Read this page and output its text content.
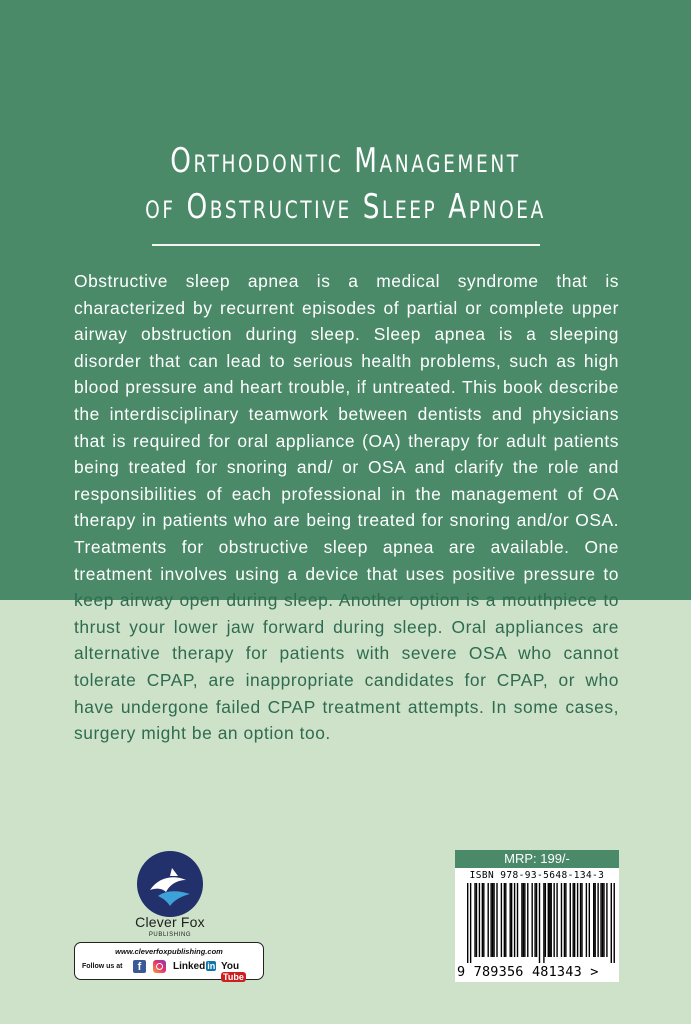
Orthodontic Management
of Obstructive Sleep Apnoea
Obstructive sleep apnea is a medical syndrome that is characterized by recurrent episodes of partial or complete upper airway obstruction during sleep. Sleep apnea is a sleeping disorder that can lead to serious health problems, such as high blood pressure and heart trouble, if untreated. This book describe the interdisciplinary teamwork between dentists and physicians that is required for oral appliance (OA) therapy for adult patients being treated for snoring and/ or OSA and clarify the role and responsibilities of each professional in the management of OA therapy in patients who are being treated for snoring and/or OSA. Treatments for obstructive sleep apnea are available. One treatment involves using a device that uses positive pressure to keep airway open during sleep. Another option is a mouthpiece to thrust your lower jaw forward during sleep. Oral appliances are alternative therapy for patients with severe OSA who cannot tolerate CPAP, are inappropriate candidates for CPAP, or who have undergone failed CPAP treatment attempts. In some cases, surgery might be an option too.
Clever Fox
PUBLISHING
www.cleverfoxpublishing.com
Follow us at	f	Linked in YouTube
MRP: 199/-
ISBN 978-93-5648-134-3
9 789356 481343 >
